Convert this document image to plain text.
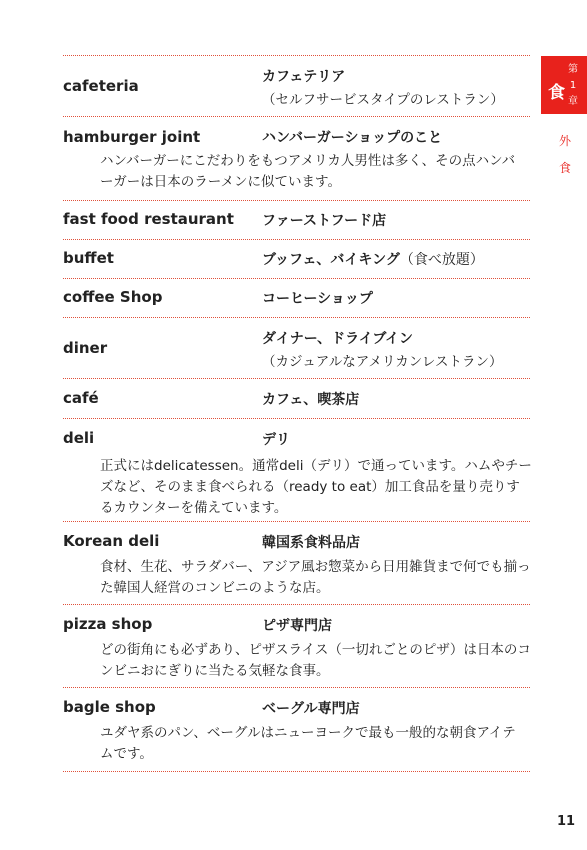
cafeteria	カフェテリア
（セルフサービスタイプのレストラン）
hamburger joint	ハンバーガーショップのこと
ハンバーガーにこだわりをもつアメリカ人男性は多く、その点ハンバ
ーガーは日本のラーメンに似ています。
fast food restaurant ファーストフード店
buffet	ブッフェ、バイキング（食べ放題）
coffee Shop	コーヒーショップ
diner	ダイナー、ドライブイン
（カジュアルなアメリカンレストラン）
café	カフェ、喫茶店
deli	デリ
正式にはdelicatessen。通常deli（デリ）で通っています。ハムやチー
ズなど、そのまま食べられる（ready to eat）加工食品を量り売りす
るカウンターを備えています。
Korean deli	韓国系食料品店
食材、生花、サラダバー、アジア風お惣菜から日用雑貨まで何でも揃っ
た韓国人経営のコンビニのような店。
pizza shop	ピザ専門店
どの街角にも必ずあり、ピザスライス（一切れごとのピザ）は日本のコ
ンビニおにぎりに当たる気軽な食事。
bagle shop	ベーグル専門店
ユダヤ系のパン、ベーグルはニューヨークで最も一般的な朝食アイテ
ムです。
食
第
1
章
外
食
11
